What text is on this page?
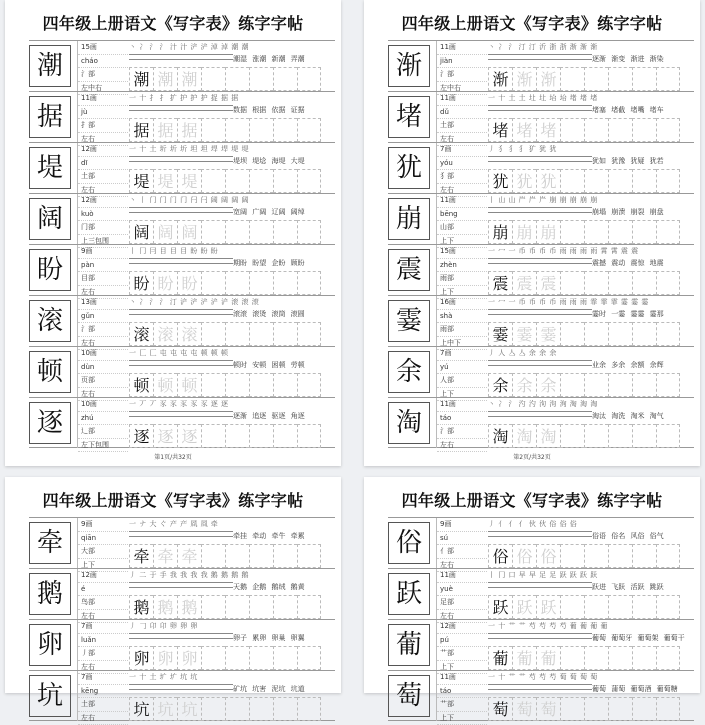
四年级上册语文《写字表》练字字帖
潮
15画
cháo
氵部
左中右
丶 冫 氵 氵 汁 汁 浐 浐 淖 淖 潮 潮
潮湿 涨潮 新潮 弄潮
潮 潮 潮
据
11画
jù
扌部
左右
一 十 扌 扌 扩 护 护 护 捉 据 据
数据 根据 依据 证据
据 据 据
堤
12画
dī
土部
左右
一 十 土 圻 圻 圻 坦 坦 垾 垾 堤 堤
堤坝 堤埝 海堤 大堤
堤 堤 堤
阔
12画
kuò
门部
上三包围
丶 丨 门 门 门 门 闩 闩 阔 阔 阔 阔
宽阔 广阔 辽阔 阔绰
阔 阔 阔
盼
9画
pàn
目部
左右
丨 冂 冃 目 目 目 盼 盼 盼
期盼 盼望 企盼 顾盼
盼 盼 盼
滚
13画
gǔn
氵部
左右
丶 冫 氵 氵 汀 浐 浐 浐 浐 浐 滚 滚 滚
滚滚 滚烫 滚筒 滚圆
滚 滚 滚
顿
10画
dùn
页部
左右
一 匚 匚 屯 屯 屯 屯 顿 顿 顿
顿时 安顿 困顿 劳顿
顿 顿 顿
逐
10画
zhú
辶部
左下包围
一 丆 丆 豕 豕 豕 豕 豕 逐 逐
逐渐 追逐 驱逐 角逐
逐 逐 逐
第1页/共32页
四年级上册语文《写字表》练字字帖
渐
11画
jiàn
氵部
左中右
丶 冫 氵 汀 汀 沂 浙 浙 渐 渐 渐
逐渐 渐变 渐进 渐染
渐 渐 渐
堵
11画
dǔ
土部
左右
一 十 土 土 圵 圵 坮 坮 堵 堵 堵
堵塞 堵截 堵嘴 堵车
堵 堵 堵
犹
7画
yóu
犭部
左右
丿 犭 犭 犭 犷 犹 犹
犹如 犹豫 犹疑 犹若
犹 犹 犹
崩
11画
bēng
山部
上下
丨 山 山 屵 屵 屵 崩 崩 崩 崩 崩
崩塌 崩溃 崩裂 崩盘
崩 崩 崩
震
15画
zhèn
雨部
上下
一 冖 一 币 币 币 币 雨 雨 雨 雨 霄 霄 震 震
震撼 震动 震惊 地震
震 震 震
霎
16画
shà
雨部
上中下
一 冖 一 币 币 币 币 雨 雨 雨 霏 霏 霏 霎 霎 霎
霎时 一霎 霎霎 霎那
霎 霎 霎
余
7画
yú
人部
上下
丿 人 亼 亼 余 余 余
业余 多余 余额 余辉
余 余 余
淘
11画
táo
氵部
左右
丶 冫 氵 汋 汋 泃 泃 洵 淘 淘 淘
淘汰 淘洗 淘米 淘气
淘 淘 淘
第2页/共32页
四年级上册语文《写字表》练字字帖
牵
9画
qiān
大部
上下
一 ナ 大 ぐ 产 产 凮 凮 牵
牵挂 牵动 牵牛 牵累
牵 牵 牵
鹅
12画
é
鸟部
左右
丿 二 于 手 我 我 我 我 鹅 鹅 鹅 鹅
天鹅 企鹅 鹅绒 鹅黄
鹅 鹅 鹅
卵
7画
luǎn
丿部
左右
丿 𠃌 卬 卬 卵 卵 卵
卵子 累卵 卵巢 卵翼
卵 卵 卵
坑
7画
kēng
土部
左右
一 十 土 圹 圹 坑 坑
矿坑 坑害 泥坑 坑道
坑 坑 坑
四年级上册语文《写字表》练字字帖
俗
9画
sú
亻部
左右
丿 亻 亻 亻 伙 伙 俗 俗 俗
俗语 俗名 风俗 俗气
俗 俗 俗
跃
11画
yuè
足部
左右
丨 冂 口 早 早 足 足 跃 跃 跃 跃
跃进 飞跃 活跃 跳跃
跃 跃 跃
葡
12画
pú
艹部
上下
一 十 艹 艹 芍 芍 芍 芍 葡 葡 葡 葡
葡萄 葡萄牙 葡萄架 葡萄干
葡 葡 葡
萄
11画
táo
艹部
上下
一 十 艹 艹 芍 芍 芍 萄 萄 萄 萄
葡萄 蒲萄 葡萄酒 葡萄糖
萄 萄 萄
